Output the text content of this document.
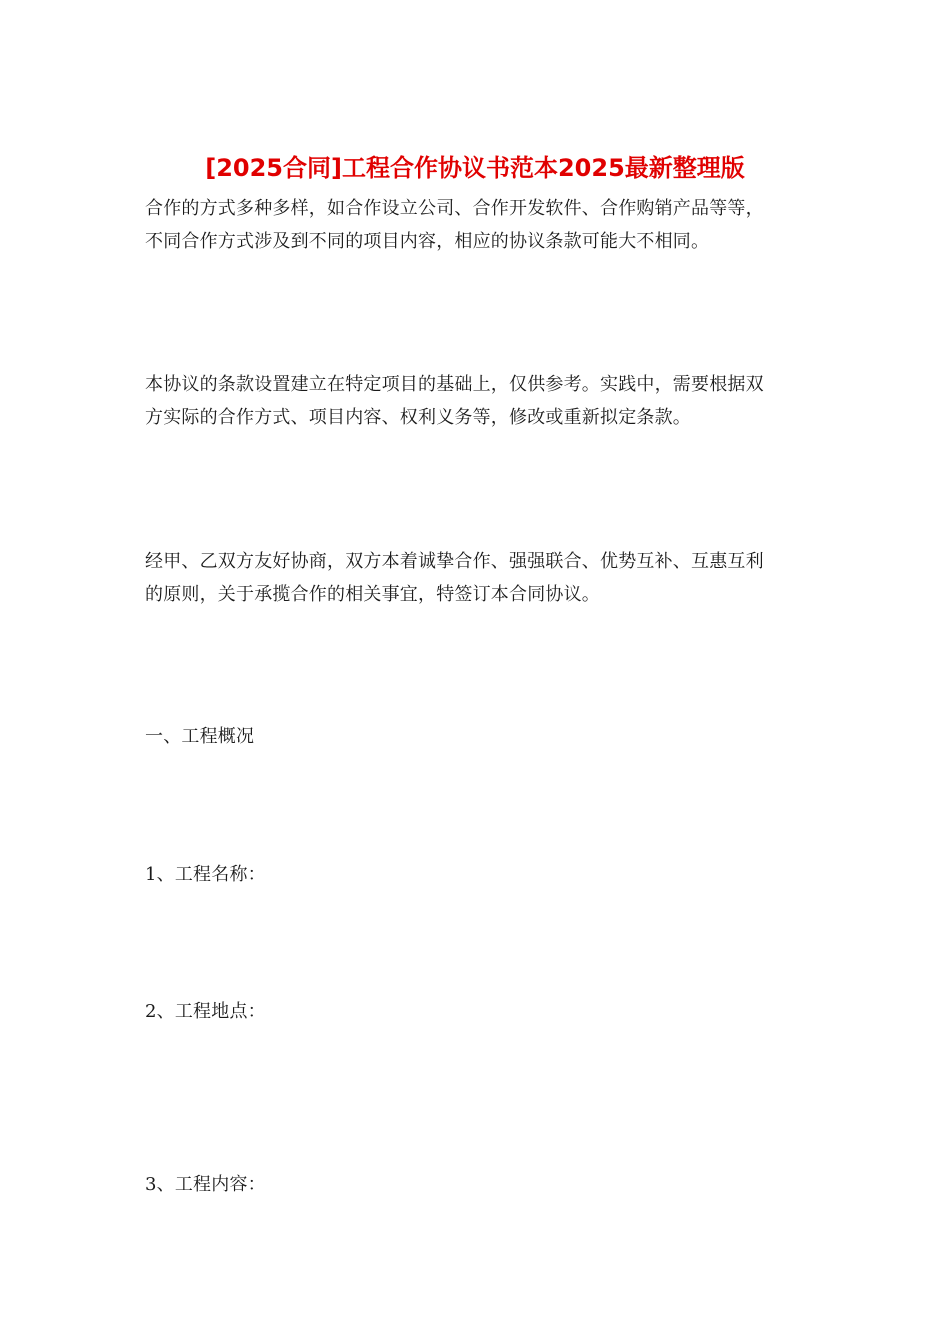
[2025合同]工程合作协议书范本2025最新整理版
合作的方式多种多样，如合作设立公司、合作开发软件、合作购销产品等等，
不同合作方式涉及到不同的项目内容，相应的协议条款可能大不相同。
本协议的条款设置建立在特定项目的基础上，仅供参考。实践中，需要根据双
方实际的合作方式、项目内容、权利义务等，修改或重新拟定条款。
经甲、乙双方友好协商，双方本着诚挚合作、强强联合、优势互补、互惠互利
的原则，关于承揽合作的相关事宜，特签订本合同协议。
一、工程概况
1、工程名称：
2、工程地点：
3、工程内容：
